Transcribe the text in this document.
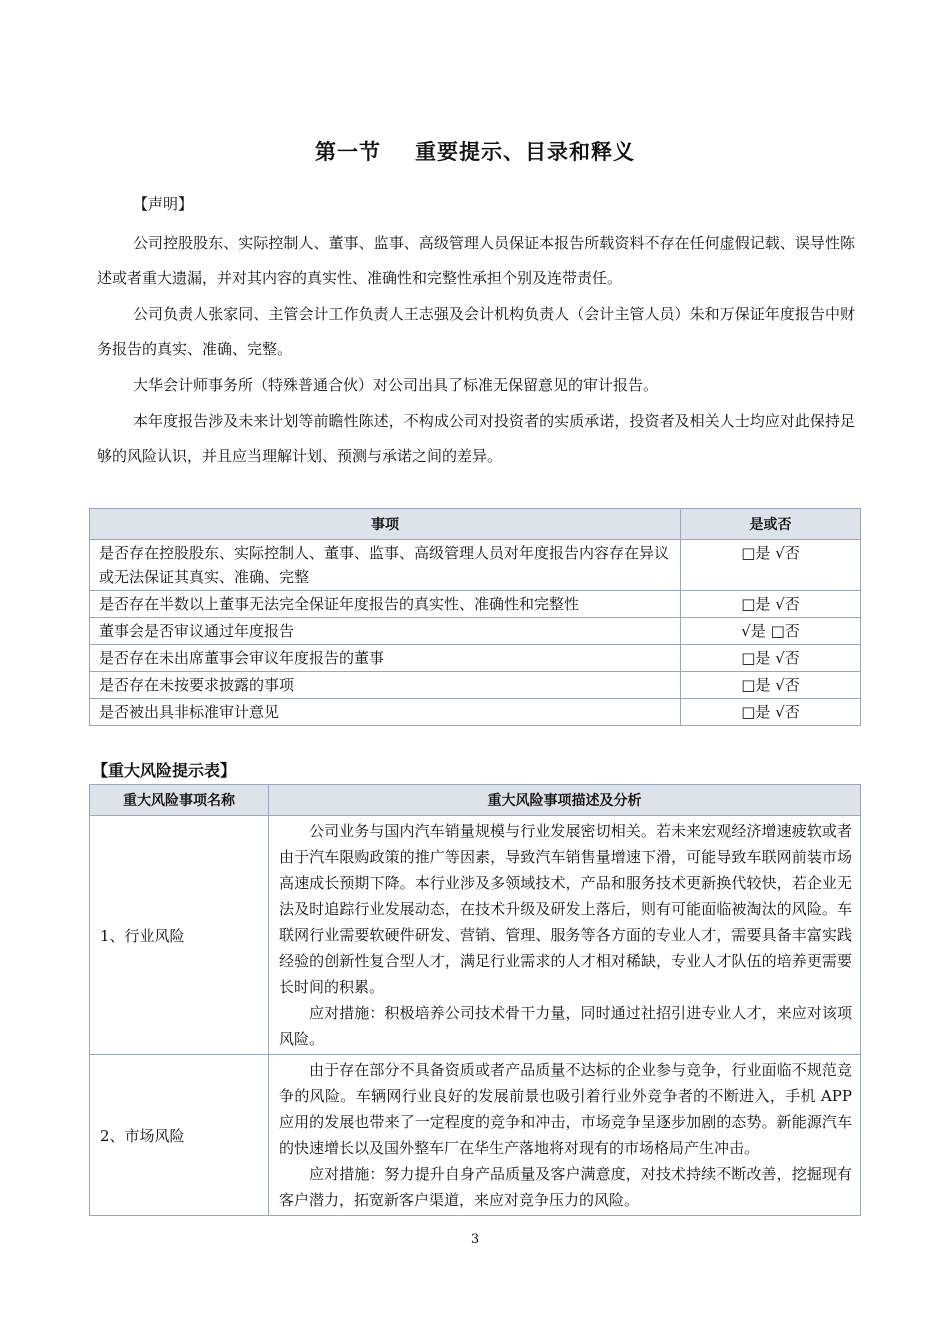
第一节 重要提示、目录和释义
【声明】
公司控股股东、实际控制人、董事、监事、高级管理人员保证本报告所载资料不存在任何虚假记载、误导性陈述或者重大遗漏，并对其内容的真实性、准确性和完整性承担个别及连带责任。
公司负责人张家同、主管会计工作负责人王志强及会计机构负责人（会计主管人员）朱和万保证年度报告中财务报告的真实、准确、完整。
大华会计师事务所（特殊普通合伙）对公司出具了标准无保留意见的审计报告。
本年度报告涉及未来计划等前瞻性陈述，不构成公司对投资者的实质承诺，投资者及相关人士均应对此保持足够的风险认识，并且应当理解计划、预测与承诺之间的差异。
事项	是或否
是否存在控股股东、实际控制人、董事、监事、高级管理人员对年度报告内容存在异议或无法保证其真实、准确、完整	□是 √否
是否存在半数以上董事无法完全保证年度报告的真实性、准确性和完整性	□是 √否
董事会是否审议通过年度报告	√是 □否
是否存在未出席董事会审议年度报告的董事	□是 √否
是否存在未按要求披露的事项	□是 √否
是否被出具非标准审计意见	□是 √否
【重大风险提示表】
重大风险事项名称	重大风险事项描述及分析
1、行业风险	公司业务与国内汽车销量规模与行业发展密切相关。若未来宏观经济增速疲软或者由于汽车限购政策的推广等因素，导致汽车销售量增速下滑，可能导致车联网前装市场高速成长预期下降。本行业涉及多领域技术，产品和服务技术更新换代较快，若企业无法及时追踪行业发展动态，在技术升级及研发上落后，则有可能面临被淘汰的风险。车联网行业需要软硬件研发、营销、管理、服务等各方面的专业人才，需要具备丰富实践经验的创新性复合型人才，满足行业需求的人才相对稀缺，专业人才队伍的培养更需要长时间的积累。

应对措施：积极培养公司技术骨干力量，同时通过社招引进专业人才，来应对该项风险。

2、市场风险	由于存在部分不具备资质或者产品质量不达标的企业参与竞争，行业面临不规范竞争的风险。车辆网行业良好的发展前景也吸引着行业外竞争者的不断进入，手机 APP 应用的发展也带来了一定程度的竞争和冲击，市场竞争呈逐步加剧的态势。新能源汽车的快速增长以及国外整车厂在华生产落地将对现有的市场格局产生冲击。

应对措施：努力提升自身产品质量及客户满意度，对技术持续不断改善，挖掘现有客户潜力，拓宽新客户渠道，来应对竞争压力的风险。

3
